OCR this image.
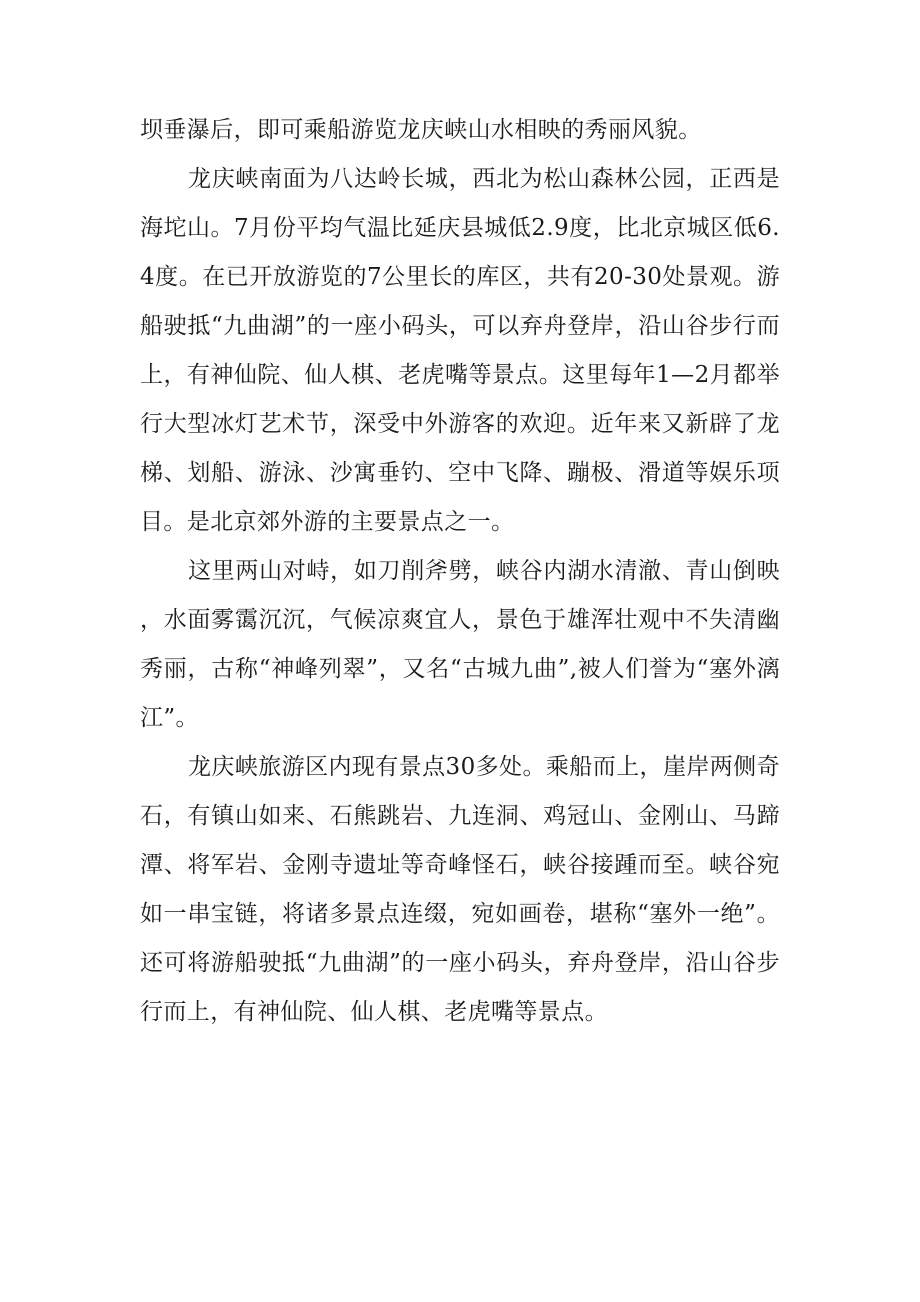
坝垂瀑后，即可乘船游览龙庆峡山水相映的秀丽风貌。

龙庆峡南面为八达岭长城，西北为松山森林公园，正西是海坨山。7月份平均气温比延庆县城低2.9度，比北京城区低6.4度。在已开放游览的7公里长的库区，共有20-30处景观。游船驶抵“九曲湖”的一座小码头，可以弃舟登岸，沿山谷步行而上，有神仙院、仙人棋、老虎嘴等景点。这里每年1—2月都举行大型冰灯艺术节，深受中外游客的欢迎。近年来又新辟了龙梯、划船、游泳、沙寓垂钓、空中飞降、蹦极、滑道等娱乐项目。是北京郊外游的主要景点之一。

这里两山对峙，如刀削斧劈，峡谷内湖水清澈、青山倒映，水面雾霭沉沉，气候凉爽宜人，景色于雄浑壮观中不失清幽秀丽，古称“神峰列翠”，又名“古城九曲”,被人们誉为“塞外漓江”。

龙庆峡旅游区内现有景点30多处。乘船而上，崖岸两侧奇石，有镇山如来、石熊跳岩、九连洞、鸡冠山、金刚山、马蹄潭、将军岩、金刚寺遗址等奇峰怪石，峡谷接踵而至。峡谷宛如一串宝链，将诸多景点连缀，宛如画卷，堪称“塞外一绝”。还可将游船驶抵“九曲湖”的一座小码头，弃舟登岸，沿山谷步行而上，有神仙院、仙人棋、老虎嘴等景点。
